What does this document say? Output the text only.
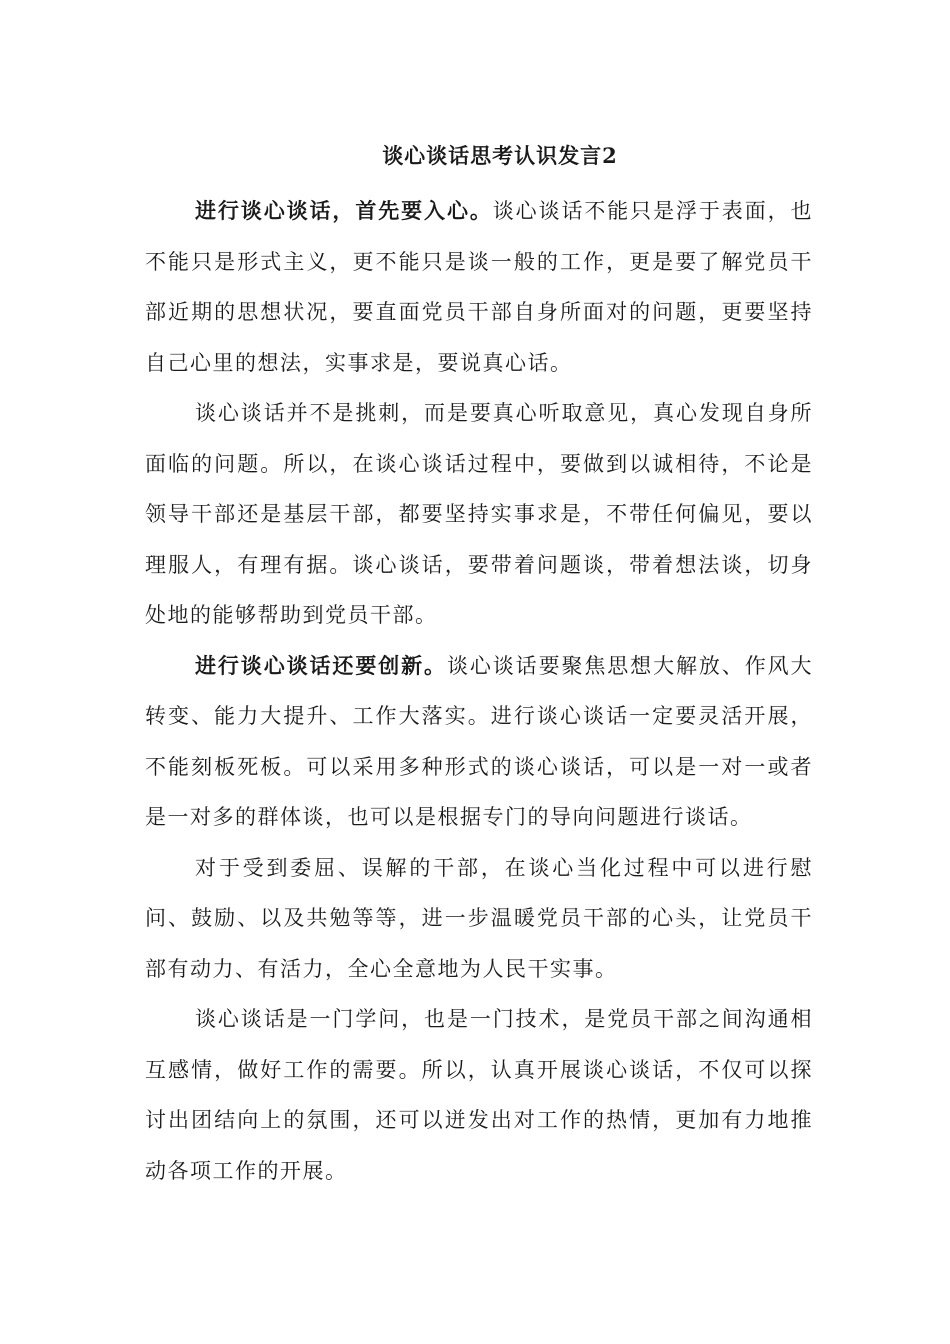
谈心谈话思考认识发言2

进行谈心谈话，首先要入心。谈心谈话不能只是浮于表面，也不能只是形式主义，更不能只是谈一般的工作，更是要了解党员干部近期的思想状况，要直面党员干部自身所面对的问题，更要坚持自己心里的想法，实事求是，要说真心话。

谈心谈话并不是挑刺，而是要真心听取意见，真心发现自身所面临的问题。所以，在谈心谈话过程中，要做到以诚相待，不论是领导干部还是基层干部，都要坚持实事求是，不带任何偏见，要以理服人，有理有据。谈心谈话，要带着问题谈，带着想法谈，切身处地的能够帮助到党员干部。

进行谈心谈话还要创新。谈心谈话要聚焦思想大解放、作风大转变、能力大提升、工作大落实。进行谈心谈话一定要灵活开展，不能刻板死板。可以采用多种形式的谈心谈话，可以是一对一或者是一对多的群体谈，也可以是根据专门的导向问题进行谈话。

对于受到委屈、误解的干部，在谈心当化过程中可以进行慰问、鼓励、以及共勉等等，进一步温暖党员干部的心头，让党员干部有动力、有活力，全心全意地为人民干实事。

谈心谈话是一门学问，也是一门技术，是党员干部之间沟通相互感情，做好工作的需要。所以，认真开展谈心谈话，不仅可以探讨出团结向上的氛围，还可以迸发出对工作的热情，更加有力地推动各项工作的开展。
